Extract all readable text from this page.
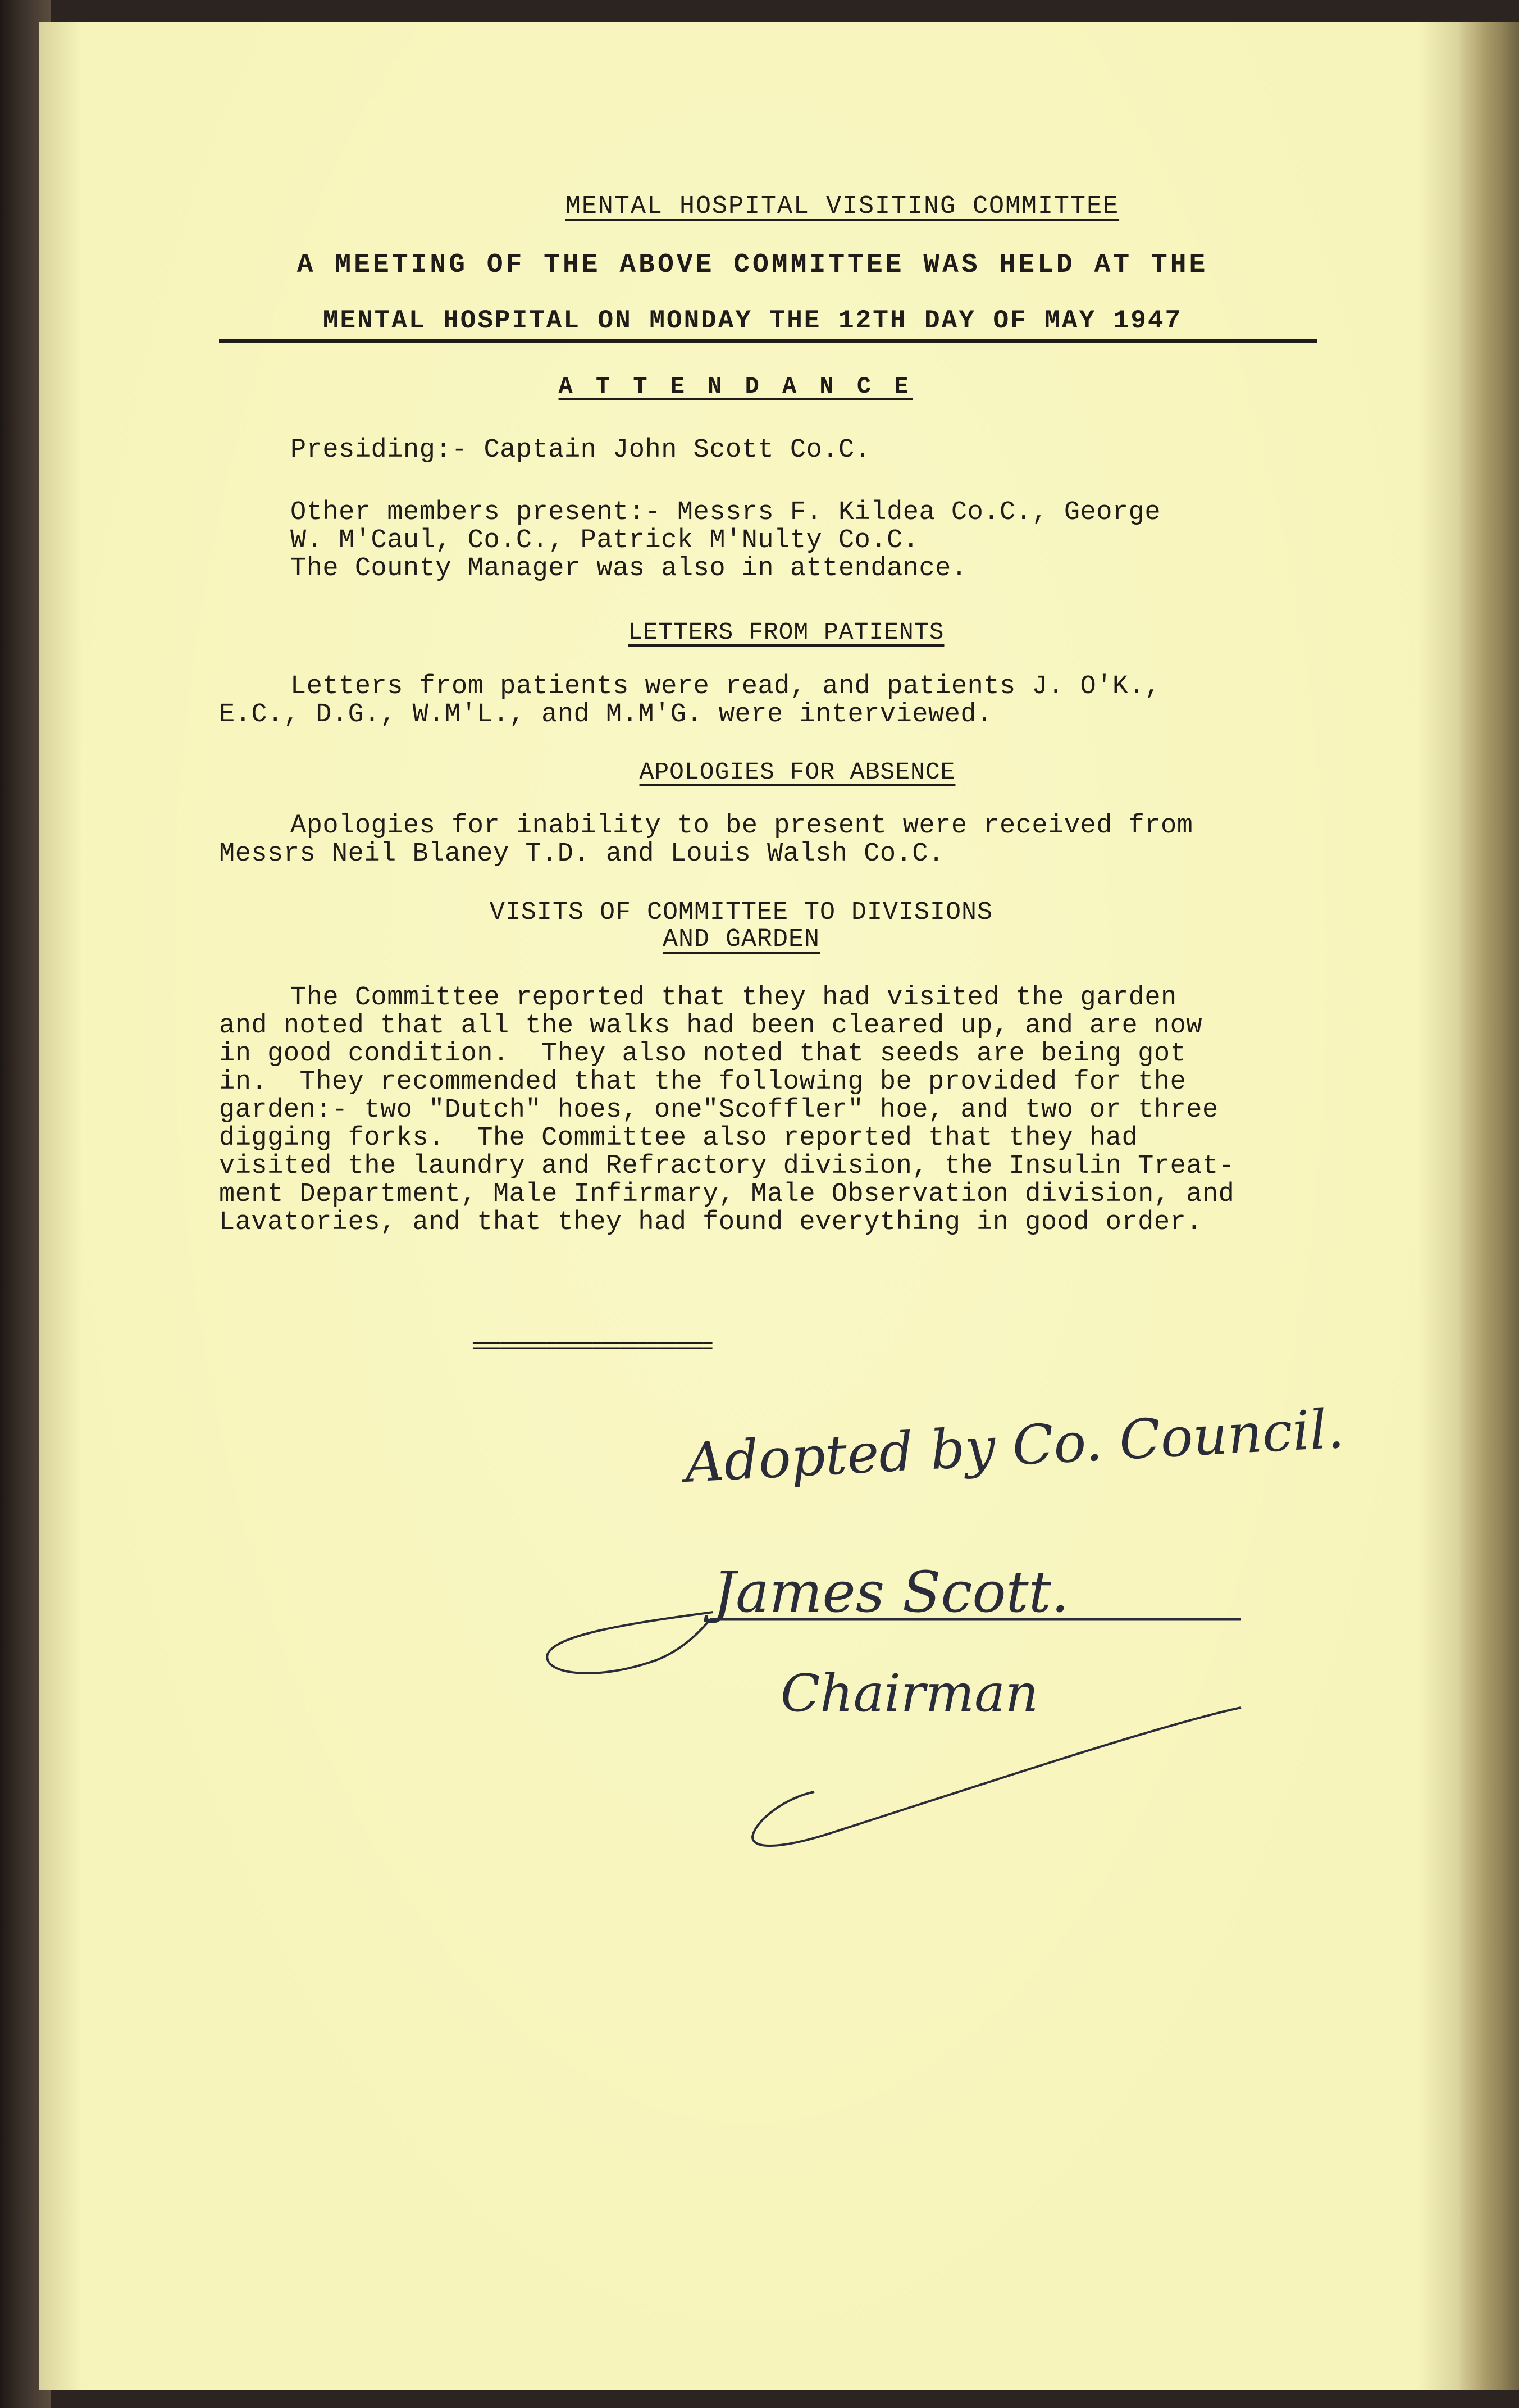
MENTAL HOSPITAL VISITING COMMITTEE
A MEETING OF THE ABOVE COMMITTEE WAS HELD AT THE
MENTAL HOSPITAL ON MONDAY THE 12TH DAY OF MAY 1947
A T T E N D A N C E
Presiding:- Captain John Scott Co.C.
Other members present:- Messrs F. Kildea Co.C., George
W. M'Caul, Co.C., Patrick M'Nulty Co.C.
The County Manager was also in attendance.
LETTERS FROM PATIENTS
Letters from patients were read, and patients J. O'K.,
E.C., D.G., W.M'L., and M.M'G. were interviewed.
APOLOGIES FOR ABSENCE
Apologies for inability to be present were received from
Messrs Neil Blaney T.D. and Louis Walsh Co.C.
VISITS OF COMMITTEE TO DIVISIONS
AND GARDEN
The Committee reported that they had visited the garden
and noted that all the walks had been cleared up, and are now
in good condition.  They also noted that seeds are being got
in.  They recommended that the following be provided for the
garden:- two "Dutch" hoes, one"Scoffler" hoe, and two or three
digging forks.  The Committee also reported that they had
visited the laundry and Refractory division, the Insulin Treat-
ment Department, Male Infirmary, Male Observation division, and
Lavatories, and that they had found everything in good order.
==========================
Adopted by Co. Council.
James Scott.
Chairman
